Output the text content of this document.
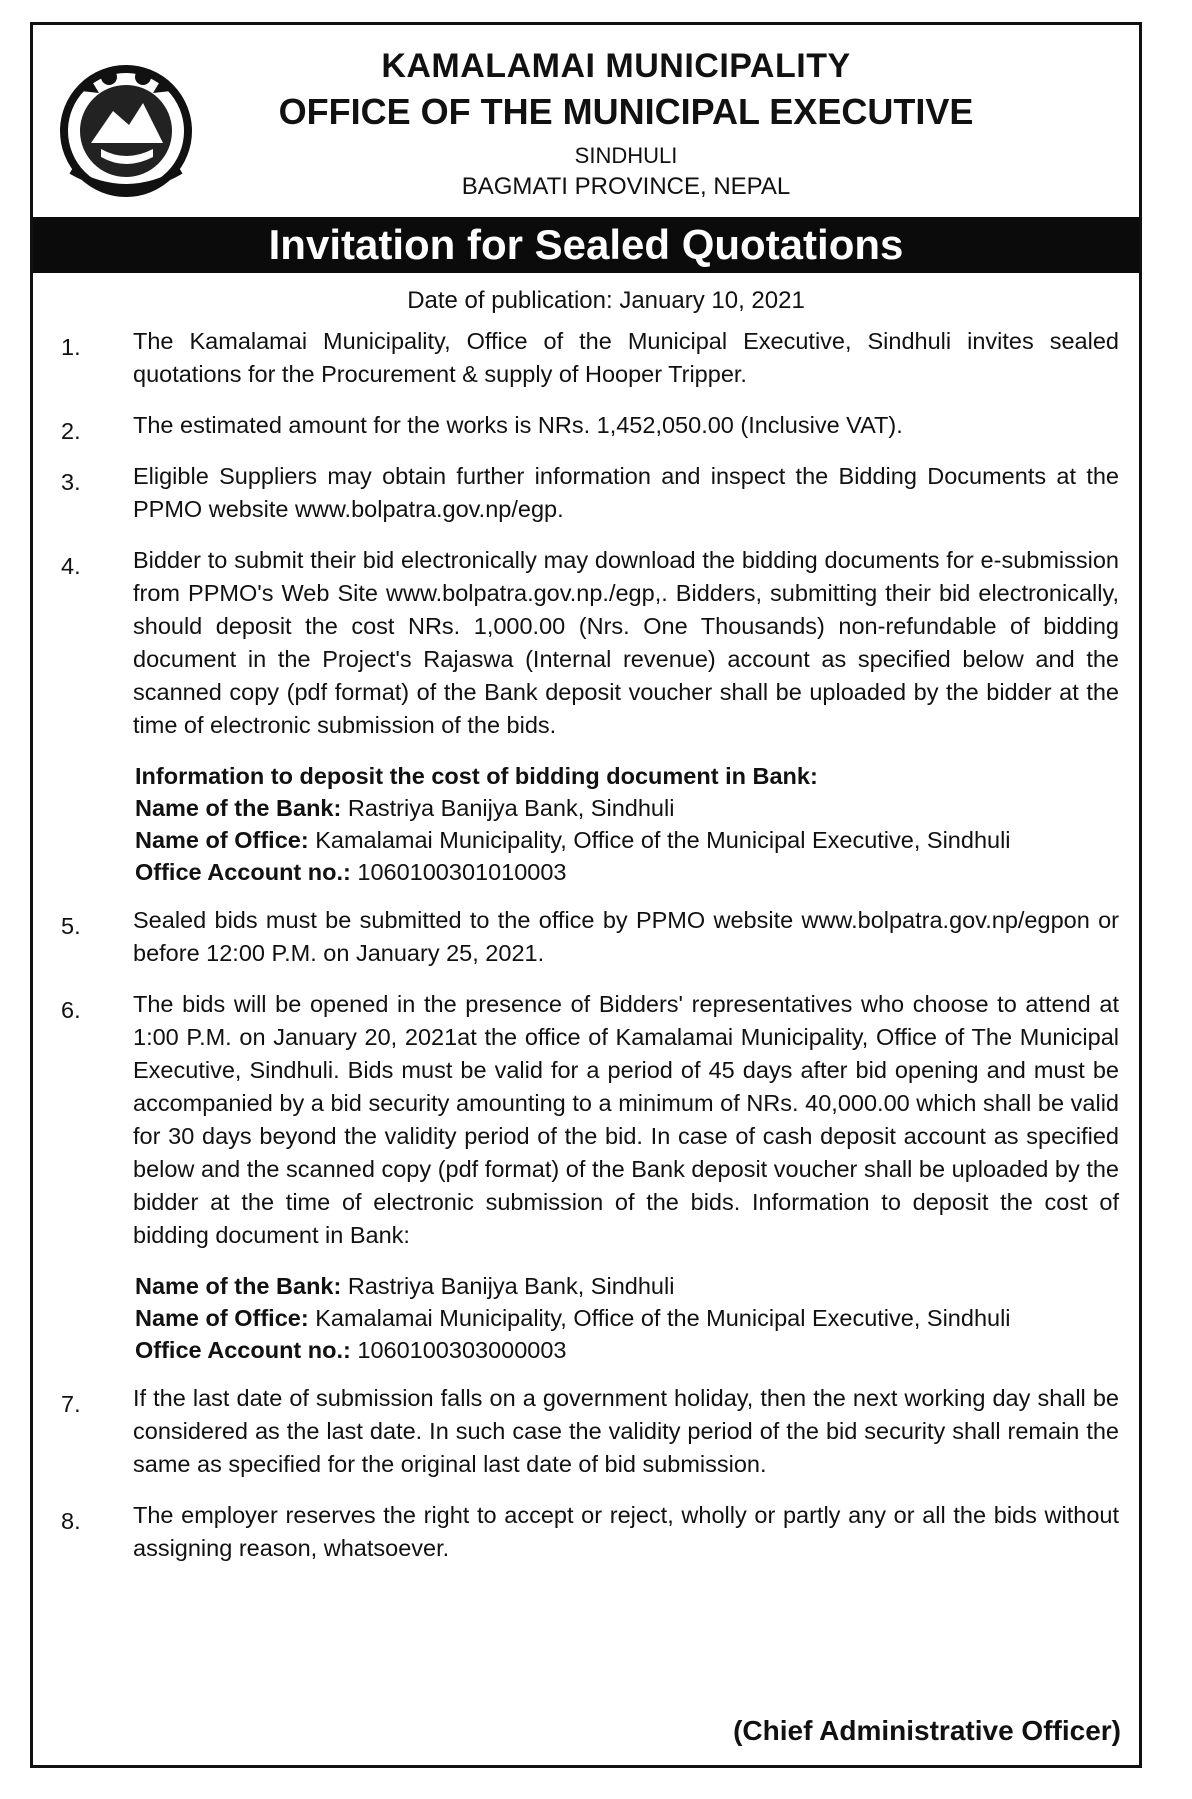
KAMALAMAI MUNICIPALITY
OFFICE OF THE MUNICIPAL EXECUTIVE
SINDHULI
BAGMATI PROVINCE, NEPAL
Invitation for Sealed Quotations
Date of publication: January 10, 2021
1. The Kamalamai Municipality, Office of the Municipal Executive, Sindhuli invites sealed quotations for the Procurement & supply of Hooper Tripper.
2. The estimated amount for the works is NRs. 1,452,050.00 (Inclusive VAT).
3. Eligible Suppliers may obtain further information and inspect the Bidding Documents at the PPMO website www.bolpatra.gov.np/egp.
4. Bidder to submit their bid electronically may download the bidding documents for e-submission from PPMO's Web Site www.bolpatra.gov.np./egp,. Bidders, submitting their bid electronically, should deposit the cost NRs. 1,000.00 (Nrs. One Thousands) non-refundable of bidding document in the Project's Rajaswa (Internal revenue) account as specified below and the scanned copy (pdf format) of the Bank deposit voucher shall be uploaded by the bidder at the time of electronic submission of the bids.
Information to deposit the cost of bidding document in Bank:
Name of the Bank: Rastriya Banijya Bank, Sindhuli
Name of Office: Kamalamai Municipality, Office of the Municipal Executive, Sindhuli
Office Account no.: 1060100301010003
5. Sealed bids must be submitted to the office by PPMO website www.bolpatra.gov.np/egpon or before 12:00 P.M. on January 25, 2021.
6. The bids will be opened in the presence of Bidders' representatives who choose to attend at 1:00 P.M. on January 20, 2021at the office of Kamalamai Municipality, Office of The Municipal Executive, Sindhuli. Bids must be valid for a period of 45 days after bid opening and must be accompanied by a bid security amounting to a minimum of NRs. 40,000.00 which shall be valid for 30 days beyond the validity period of the bid. In case of cash deposit account as specified below and the scanned copy (pdf format) of the Bank deposit voucher shall be uploaded by the bidder at the time of electronic submission of the bids. Information to deposit the cost of bidding document in Bank:
Name of the Bank: Rastriya Banijya Bank, Sindhuli
Name of Office: Kamalamai Municipality, Office of the Municipal Executive, Sindhuli
Office Account no.: 1060100303000003
7. If the last date of submission falls on a government holiday, then the next working day shall be considered as the last date. In such case the validity period of the bid security shall remain the same as specified for the original last date of bid submission.
8. The employer reserves the right to accept or reject, wholly or partly any or all the bids without assigning reason, whatsoever.
(Chief Administrative Officer)
